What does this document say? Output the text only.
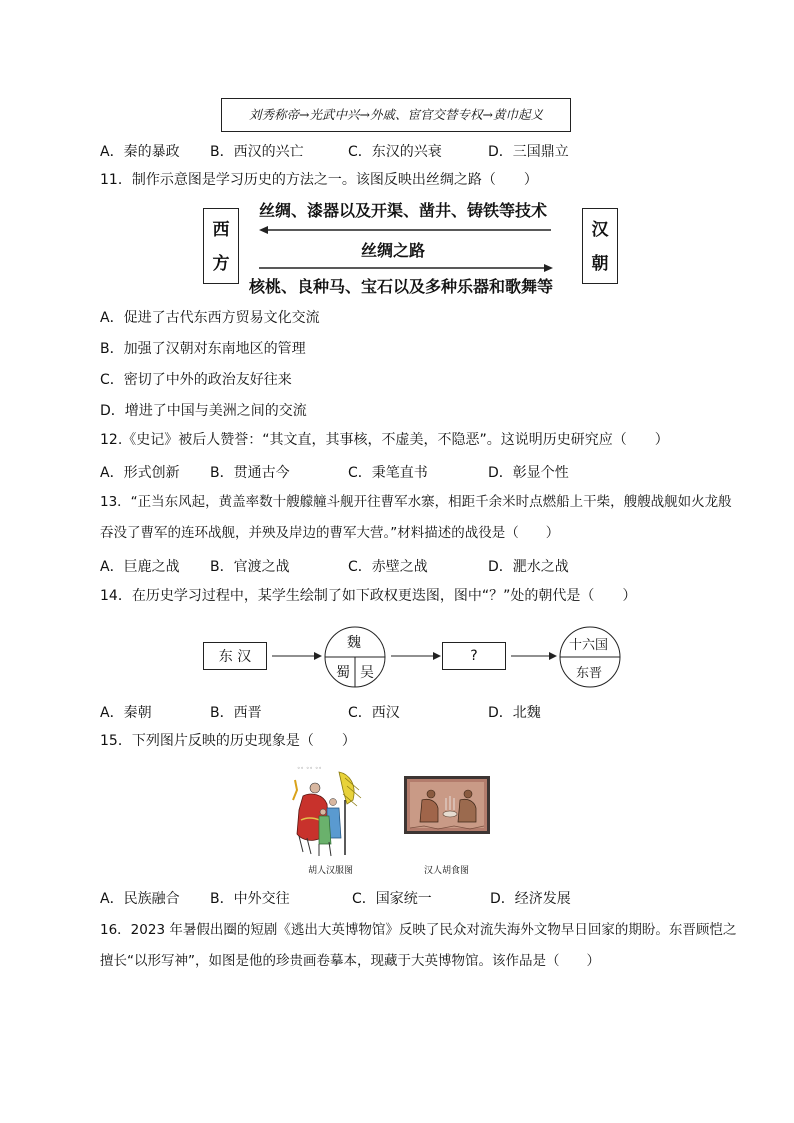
刘秀称帝→光武中兴→外戚、宦官交替专权→黄巾起义
A．秦的暴政 B．西汉的兴亡	C．东汉的兴衰	D．三国鼎立
11．制作示意图是学习历史的方法之一。该图反映出丝绸之路（　　）
西方
汉朝
丝绸、漆器以及开渠、凿井、铸铁等技术
丝绸之路
核桃、良种马、宝石以及多种乐器和歌舞等
A．促进了古代东西方贸易文化交流
B．加强了汉朝对东南地区的管理
C．密切了中外的政治友好往来
D．增进了中国与美洲之间的交流
12.《史记》被后人赞誉：“其文直，其事核，不虚美，不隐恶”。这说明历史研究应（　　）
A．形式创新 B．贯通古今	C．秉笔直书	D．彰显个性
13．“正当东风起，黄盖率数十艘艨艟斗舰开往曹军水寨，相距千余米时点燃船上干柴，艘艘战舰如火龙般
吞没了曹军的连环战舰，并殃及岸边的曹军大营。”材料描述的战役是（　　）
A．巨鹿之战 B．官渡之战	C．赤壁之战	D．淝水之战
14．在历史学习过程中，某学生绘制了如下政权更迭图，图中“？”处的朝代是（　　）
东 汉
魏
蜀 吴
?
十六国
东晋
A．秦朝	B．西晋	C．西汉	D．北魏
15．下列图片反映的历史现象是（　　）
◦◦ ◦◦ ◦◦
胡人汉服图	汉人胡食图
A．民族融合 B．中外交往	C．国家统一	D．经济发展
16．2023 年暑假出圈的短剧《逃出大英博物馆》反映了民众对流失海外文物早日回家的期盼。东晋顾恺之
擅长“以形写神”，如图是他的珍贵画卷摹本，现藏于大英博物馆。该作品是（　　）
